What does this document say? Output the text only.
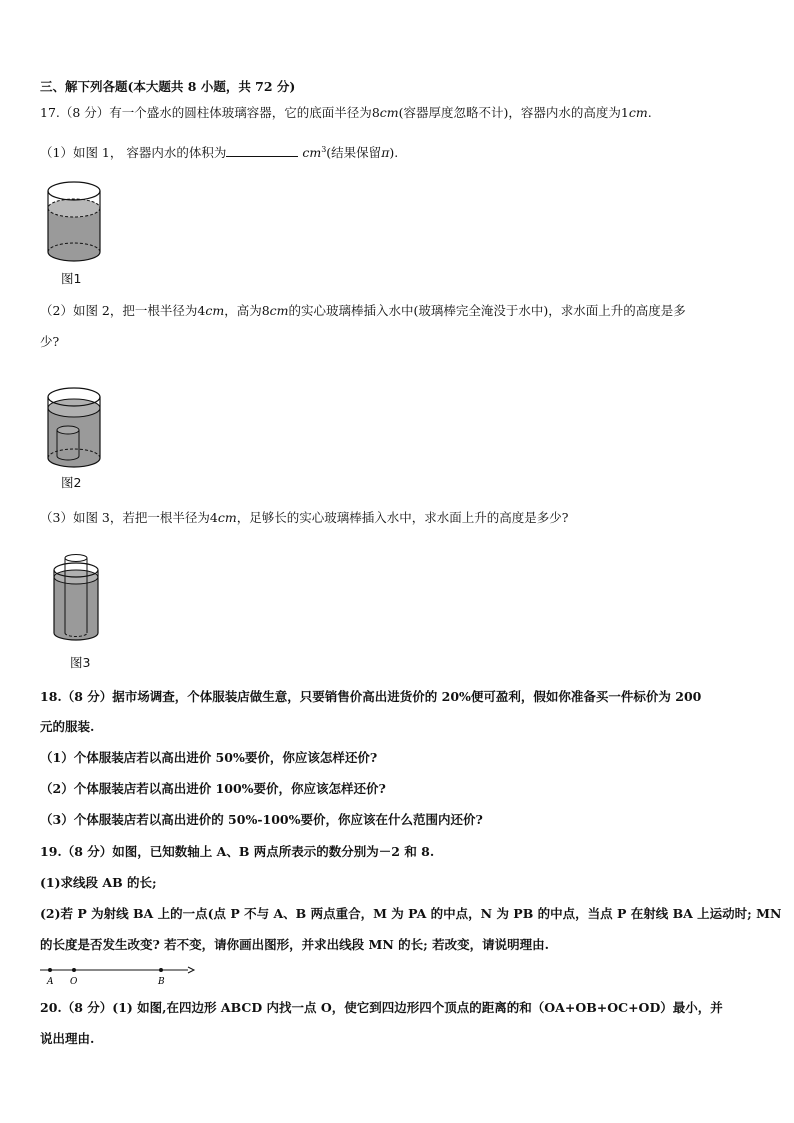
三、解下列各题(本大题共 8 小题，共 72 分)
17.（8 分）有一个盛水的圆柱体玻璃容器，它的底面半径为8cm(容器厚度忽略不计)，容器内水的高度为1cm.
（1）如图 1， 容器内水的体积为	$cm^3$(结果保留π).
图1
（2）如图 2，把一根半径为4cm，高为8cm的实心玻璃棒插入水中(玻璃棒完全淹没于水中)，求水面上升的高度是多
少?
图2
（3）如图 3，若把一根半径为4cm，足够长的实心玻璃棒插入水中，求水面上升的高度是多少?
图3
18.（8 分）据市场调查，个体服装店做生意，只要销售价高出进货价的 20%便可盈利，假如你准备买一件标价为 200
元的服装.
（1）个体服装店若以高出进价 50%要价，你应该怎样还价?
（2）个体服装店若以高出进价 100%要价，你应该怎样还价?
（3）个体服装店若以高出进价的 50%-100%要价，你应该在什么范围内还价?
19.（8 分）如图，已知数轴上 A、B 两点所表示的数分别为－2 和 8.
(1)求线段 AB 的长;
(2)若 P 为射线 BA 上的一点(点 P 不与 A、B 两点重合，M 为 PA 的中点，N 为 PB 的中点，当点 P 在射线 BA 上运动时; MN
的长度是否发生改变? 若不变，请你画出图形，并求出线段 MN 的长; 若改变，请说明理由.
A O	B
20.（8 分）(1) 如图,在四边形 ABCD 内找一点 O，使它到四边形四个顶点的距离的和（OA+OB+OC+OD）最小，并
说出理由.
